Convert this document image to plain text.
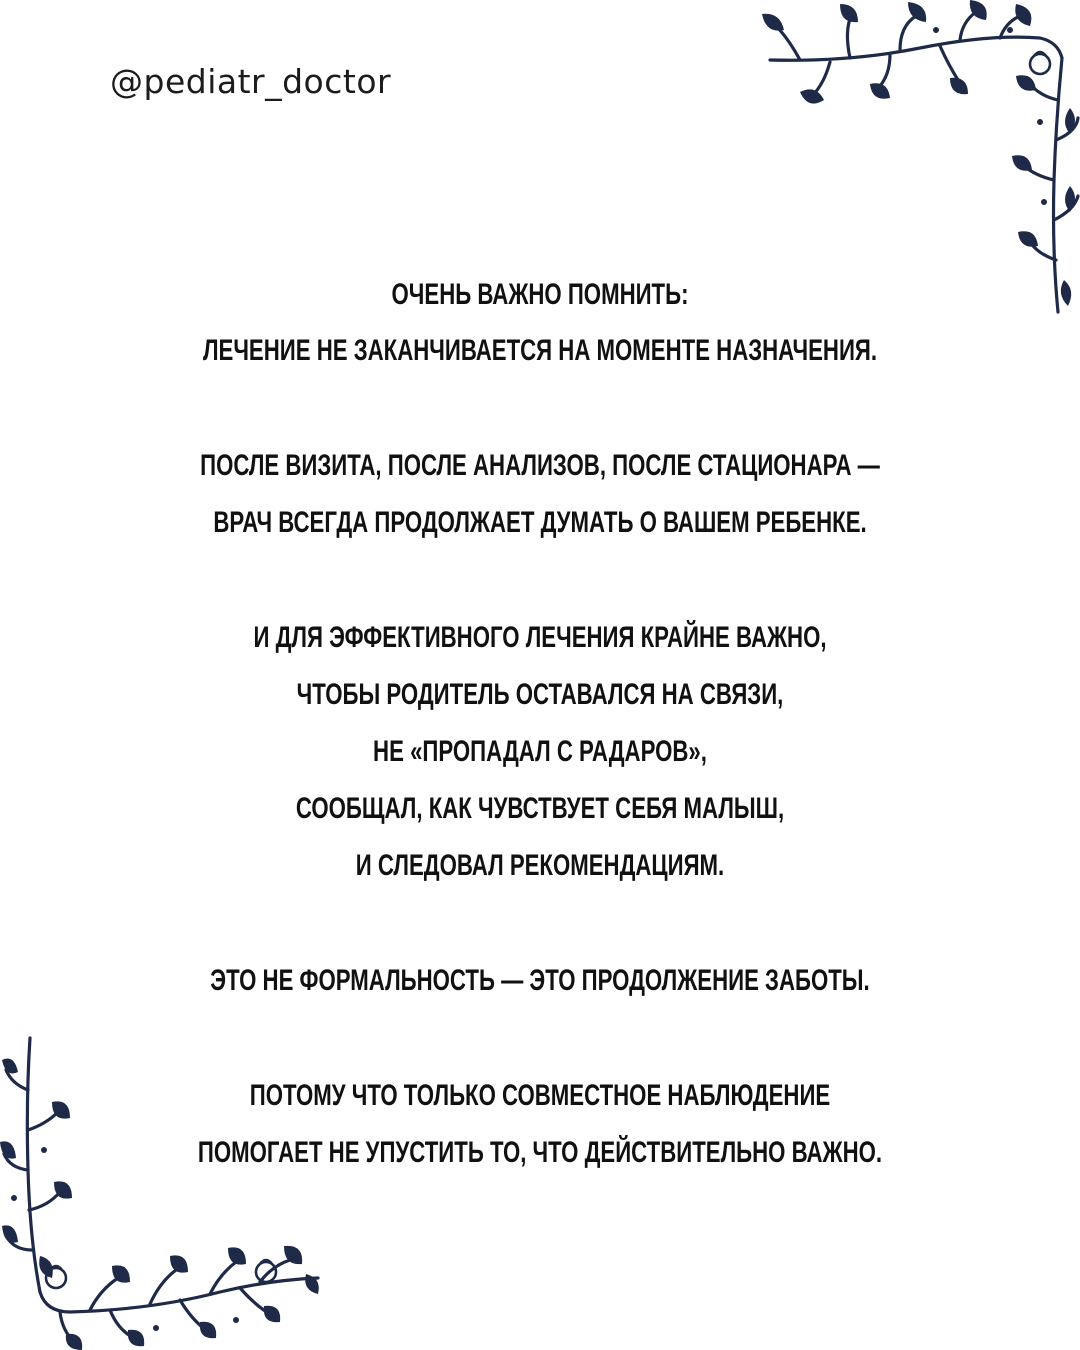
@pediatr_doctor
ОЧЕНЬ ВАЖНО ПОМНИТЬ:
ЛЕЧЕНИЕ НЕ ЗАКАНЧИВАЕТСЯ НА МОМЕНТЕ НАЗНАЧЕНИЯ.
ПОСЛЕ ВИЗИТА, ПОСЛЕ АНАЛИЗОВ, ПОСЛЕ СТАЦИОНАРА —
ВРАЧ ВСЕГДА ПРОДОЛЖАЕТ ДУМАТЬ О ВАШЕМ РЕБЕНКЕ.
И ДЛЯ ЭФФЕКТИВНОГО ЛЕЧЕНИЯ КРАЙНЕ ВАЖНО,
ЧТОБЫ РОДИТЕЛЬ ОСТАВАЛСЯ НА СВЯЗИ,
НЕ «ПРОПАДАЛ С РАДАРОВ»,
СООБЩАЛ, КАК ЧУВСТВУЕТ СЕБЯ МАЛЫШ,
И СЛЕДОВАЛ РЕКОМЕНДАЦИЯМ.
ЭТО НЕ ФОРМАЛЬНОСТЬ — ЭТО ПРОДОЛЖЕНИЕ ЗАБОТЫ.
ПОТОМУ ЧТО ТОЛЬКО СОВМЕСТНОЕ НАБЛЮДЕНИЕ
ПОМОГАЕТ НЕ УПУСТИТЬ ТО, ЧТО ДЕЙСТВИТЕЛЬНО ВАЖНО.
